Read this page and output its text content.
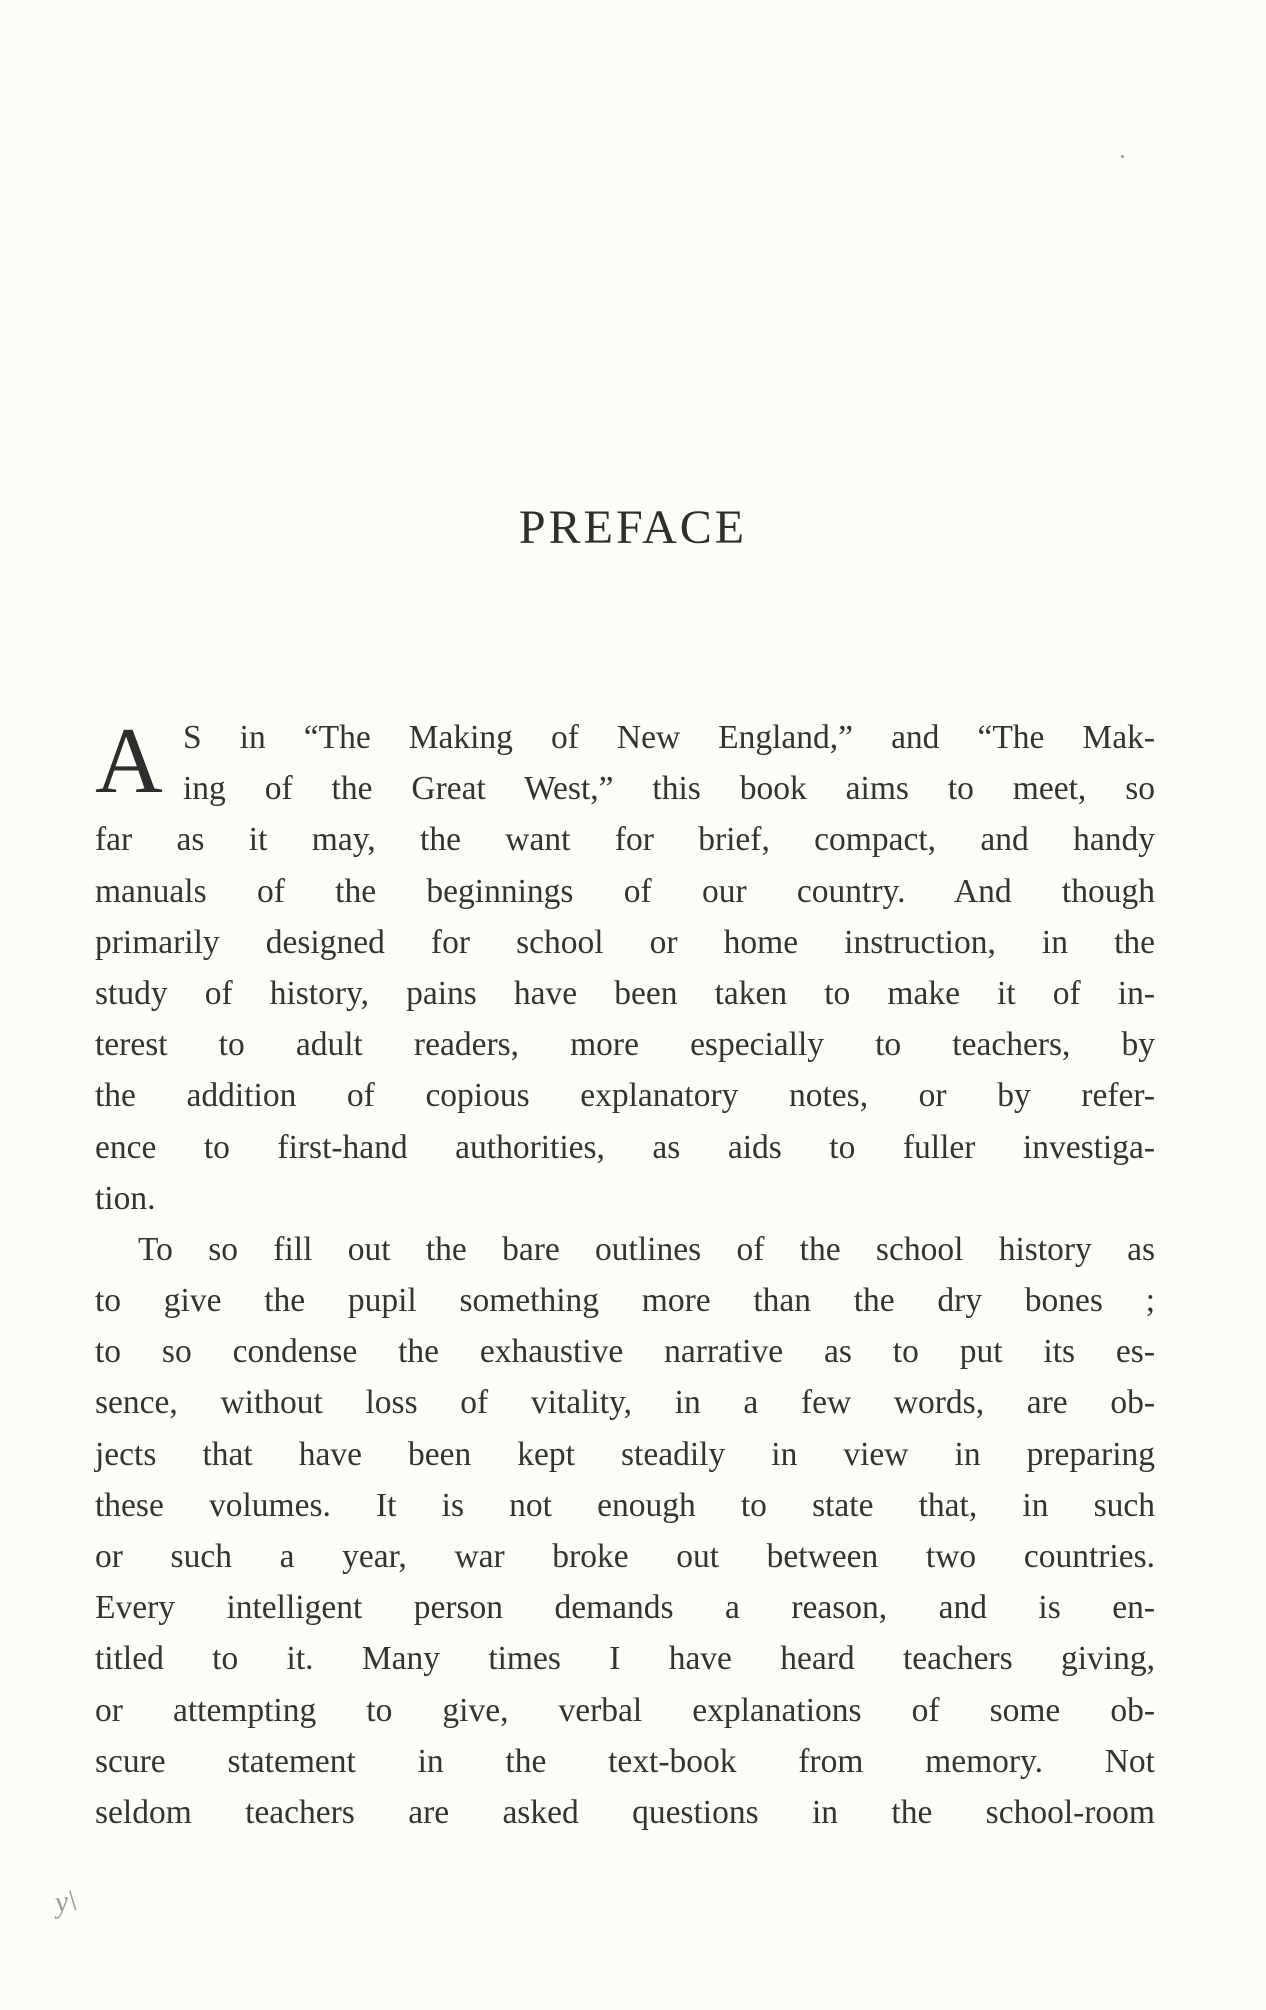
PREFACE
A S in “The Making of New England,” and “The Mak-
ing of the Great West,” this book aims to meet, so
far as it may, the want for brief, compact, and handy
manuals of the beginnings of our country. And though
primarily designed for school or home instruction, in the
study of history, pains have been taken to make it of in-
terest to adult readers, more especially to teachers, by
the addition of copious explanatory notes, or by refer-
ence to first-hand authorities, as aids to fuller investiga-
tion.
To so fill out the bare outlines of the school history as
to give the pupil something more than the dry bones ;
to so condense the exhaustive narrative as to put its es-
sence, without loss of vitality, in a few words, are ob-
jects that have been kept steadily in view in preparing
these volumes. It is not enough to state that, in such
or such a year, war broke out between two countries.
Every intelligent person demands a reason, and is en-
titled to it. Many times I have heard teachers giving,
or attempting to give, verbal explanations of some ob-
scure statement in the text-book from memory. Not
seldom teachers are asked questions in the school-room
y\
